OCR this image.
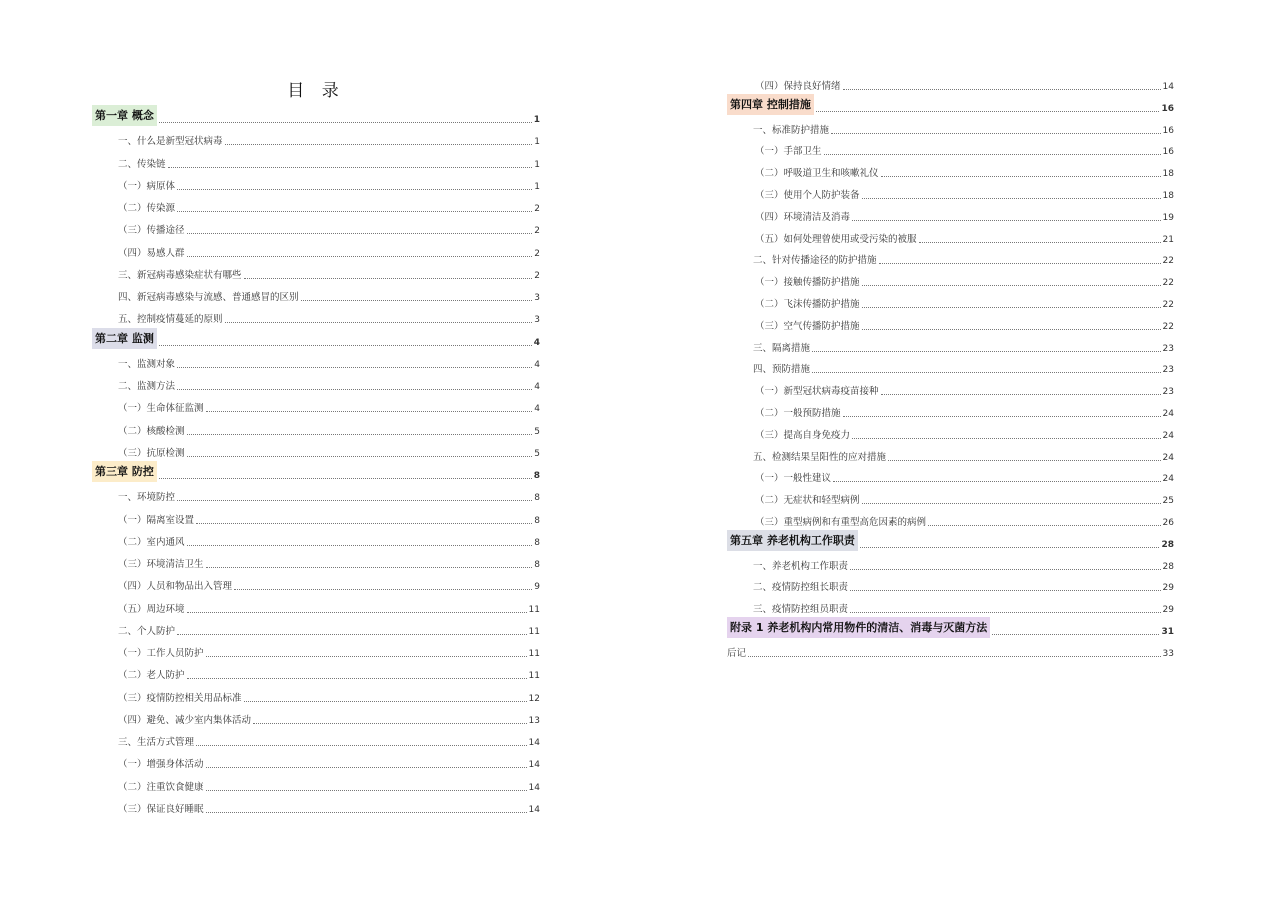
目 录
第一章 概念	1
一、什么是新型冠状病毒	1
二、传染链	1
（一）病原体	1
（二）传染源	2
（三）传播途径	2
（四）易感人群	2
三、新冠病毒感染症状有哪些	2
四、新冠病毒感染与流感、普通感冒的区别	3
五、控制疫情蔓延的原则	3
第二章 监测	4
一、监测对象	4
二、监测方法	4
（一）生命体征监测	4
（二）核酸检测	5
（三）抗原检测	5
第三章 防控	8
一、环境防控	8
（一）隔离室设置	8
（二）室内通风	8
（三）环境清洁卫生	8
（四）人员和物品出入管理	9
（五）周边环境	11
二、个人防护	11
（一）工作人员防护	11
（二）老人防护	11
（三）疫情防控相关用品标准	12
（四）避免、减少室内集体活动	13
三、生活方式管理	14
（一）增强身体活动	14
（二）注重饮食健康	14
（三）保证良好睡眠	14
（四）保持良好情绪	14
第四章 控制措施	16
一、标准防护措施	16
（一）手部卫生	16
（二）呼吸道卫生和咳嗽礼仪	18
（三）使用个人防护装备	18
（四）环境清洁及消毒	19
（五）如何处理曾使用或受污染的被服	21
二、针对传播途径的防护措施	22
（一）接触传播防护措施	22
（二）飞沫传播防护措施	22
（三）空气传播防护措施	22
三、隔离措施	23
四、预防措施	23
（一）新型冠状病毒疫苗接种	23
（二）一般预防措施	24
（三）提高自身免疫力	24
五、检测结果呈阳性的应对措施	24
（一）一般性建议	24
（二）无症状和轻型病例	25
（三）重型病例和有重型高危因素的病例	26
第五章 养老机构工作职责	28
一、养老机构工作职责	28
二、疫情防控组长职责	29
三、疫情防控组员职责	29
附录 1 养老机构内常用物件的清洁、消毒与灭菌方法	31
后记	33
